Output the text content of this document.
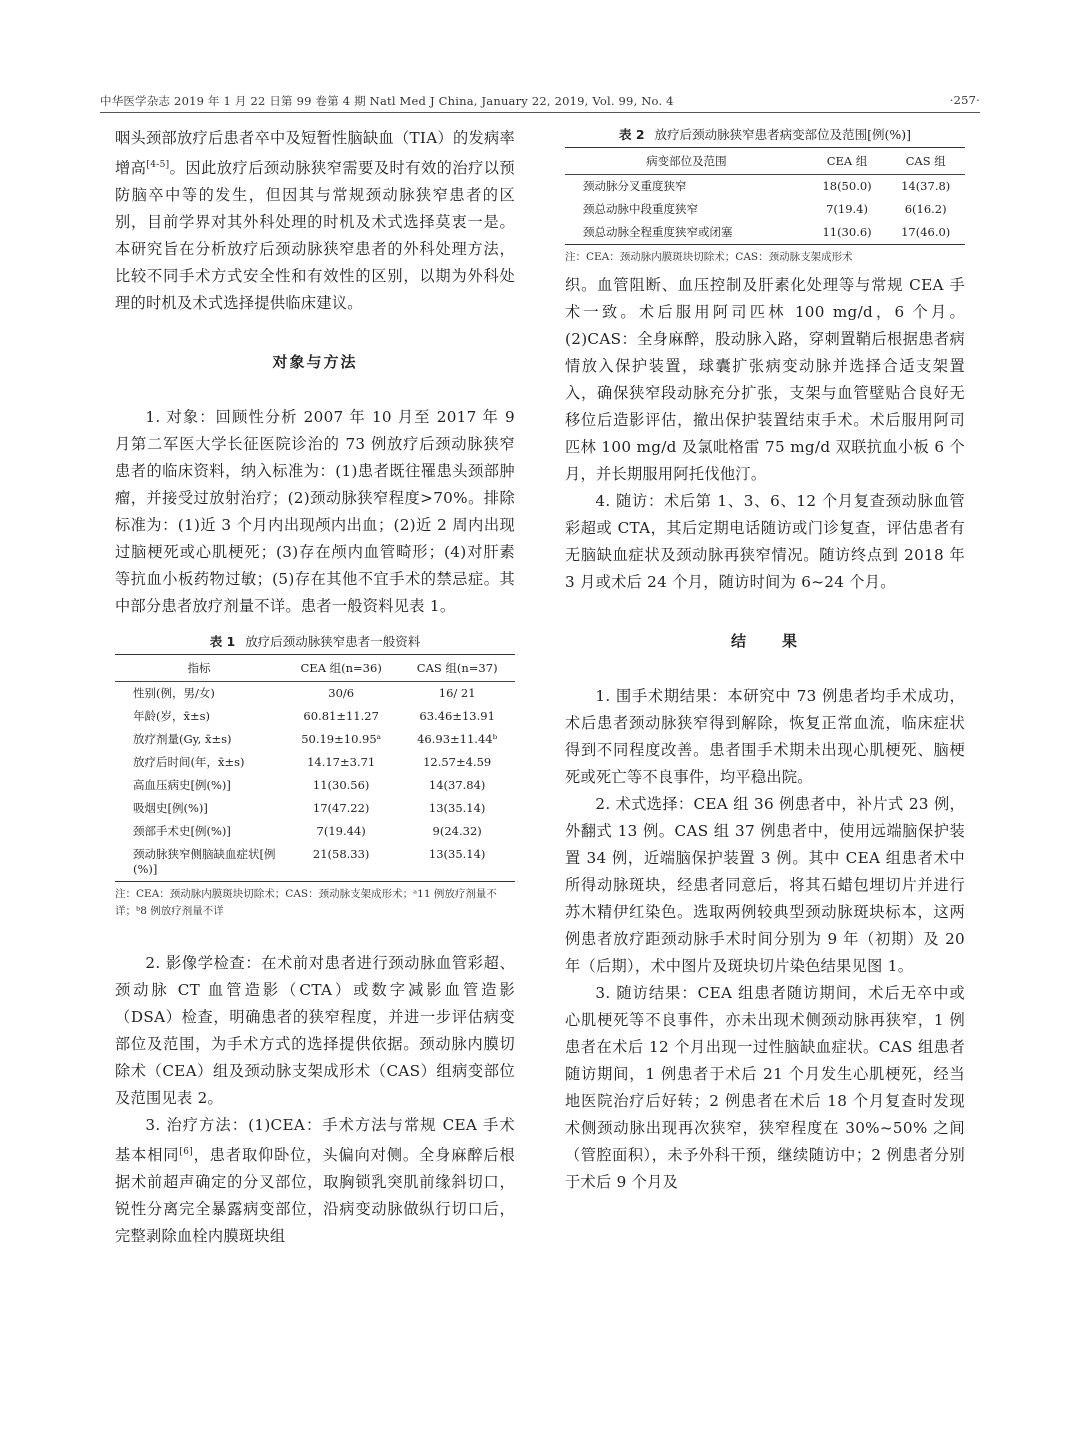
中华医学杂志 2019 年 1 月 22 日第 99 卷第 4 期 Natl Med J China, January 22, 2019, Vol. 99, No. 4	·257·

咽头颈部放疗后患者卒中及短暂性脑缺血（TIA）的发病率增高[4-5]。因此放疗后颈动脉狭窄需要及时有效的治疗以预防脑卒中等的发生，但因其与常规颈动脉狭窄患者的区别，目前学界对其外科处理的时机及术式选择莫衷一是。本研究旨在分析放疗后颈动脉狭窄患者的外科处理方法，比较不同手术方式安全性和有效性的区别，以期为外科处理的时机及术式选择提供临床建议。

对象与方法

1. 对象：回顾性分析 2007 年 10 月至 2017 年 9 月第二军医大学长征医院诊治的 73 例放疗后颈动脉狭窄患者的临床资料，纳入标准为：(1)患者既往罹患头颈部肿瘤，并接受过放射治疗；(2)颈动脉狭窄程度>70%。排除标准为：(1)近 3 个月内出现颅内出血；(2)近 2 周内出现过脑梗死或心肌梗死；(3)存在颅内血管畸形；(4)对肝素等抗血小板药物过敏；(5)存在其他不宜手术的禁忌症。其中部分患者放疗剂量不详。患者一般资料见表 1。

表 1 放疗后颈动脉狭窄患者一般资料

指标	CEA 组(n=36)	CAS 组(n=37)
性别(例，男/女)	30/6	16/ 21
年龄(岁，x̄±s)	60.81±11.27	63.46±13.91
放疗剂量(Gy, x̄±s)	50.19±10.95ᵃ	46.93±11.44ᵇ
放疗后时间(年，x̄±s)	14.17±3.71	12.57±4.59
高血压病史[例(%)]	11(30.56)	14(37.84)
吸烟史[例(%)]	17(47.22)	13(35.14)
颈部手术史[例(%)]	7(19.44)	9(24.32)
颈动脉狭窄侧脑缺血症状[例(%)]	21(58.33)	13(35.14)
注：CEA：颈动脉内膜斑块切除术；CAS：颈动脉支架成形术；ᵃ11 例放疗剂量不详；ᵇ8 例放疗剂量不详

2. 影像学检查：在术前对患者进行颈动脉血管彩超、颈动脉 CT 血管造影（CTA）或数字减影血管造影（DSA）检查，明确患者的狭窄程度，并进一步评估病变部位及范围，为手术方式的选择提供依据。颈动脉内膜切除术（CEA）组及颈动脉支架成形术（CAS）组病变部位及范围见表 2。

3. 治疗方法：(1)CEA：手术方法与常规 CEA 手术基本相同[6]，患者取仰卧位，头偏向对侧。全身麻醉后根据术前超声确定的分叉部位，取胸锁乳突肌前缘斜切口，锐性分离完全暴露病变部位，沿病变动脉做纵行切口后，完整剥除血栓内膜斑块组

表 2 放疗后颈动脉狭窄患者病变部位及范围[例(%)]

病变部位及范围	CEA 组	CAS 组
颈动脉分叉重度狭窄	18(50.0)	14(37.8)
颈总动脉中段重度狭窄	7(19.4)	6(16.2)
颈总动脉全程重度狭窄或闭塞	11(30.6)	17(46.0)
注：CEA：颈动脉内膜斑块切除术；CAS：颈动脉支架成形术

织。血管阻断、血压控制及肝素化处理等与常规 CEA 手术一致。术后服用阿司匹林 100 mg/d，6 个月。(2)CAS：全身麻醉，股动脉入路，穿刺置鞘后根据患者病情放入保护装置，球囊扩张病变动脉并选择合适支架置入，确保狭窄段动脉充分扩张，支架与血管壁贴合良好无移位后造影评估，撤出保护装置结束手术。术后服用阿司匹林 100 mg/d 及氯吡格雷 75 mg/d 双联抗血小板 6 个月，并长期服用阿托伐他汀。

4. 随访：术后第 1、3、6、12 个月复查颈动脉血管彩超或 CTA，其后定期电话随访或门诊复查，评估患者有无脑缺血症状及颈动脉再狭窄情况。随访终点到 2018 年 3 月或术后 24 个月，随访时间为 6~24 个月。

结　　果

1. 围手术期结果：本研究中 73 例患者均手术成功，术后患者颈动脉狭窄得到解除，恢复正常血流，临床症状得到不同程度改善。患者围手术期未出现心肌梗死、脑梗死或死亡等不良事件，均平稳出院。

2. 术式选择：CEA 组 36 例患者中，补片式 23 例，外翻式 13 例。CAS 组 37 例患者中，使用远端脑保护装置 34 例，近端脑保护装置 3 例。其中 CEA 组患者术中所得动脉斑块，经患者同意后，将其石蜡包埋切片并进行苏木精伊红染色。选取两例较典型颈动脉斑块标本，这两例患者放疗距颈动脉手术时间分别为 9 年（初期）及 20 年（后期），术中图片及斑块切片染色结果见图 1。

3. 随访结果：CEA 组患者随访期间，术后无卒中或心肌梗死等不良事件，亦未出现术侧颈动脉再狭窄，1 例患者在术后 12 个月出现一过性脑缺血症状。CAS 组患者随访期间，1 例患者于术后 21 个月发生心肌梗死，经当地医院治疗后好转；2 例患者在术后 18 个月复查时发现术侧颈动脉出现再次狭窄，狭窄程度在 30%~50% 之间（管腔面积），未予外科干预，继续随访中；2 例患者分别于术后 9 个月及
